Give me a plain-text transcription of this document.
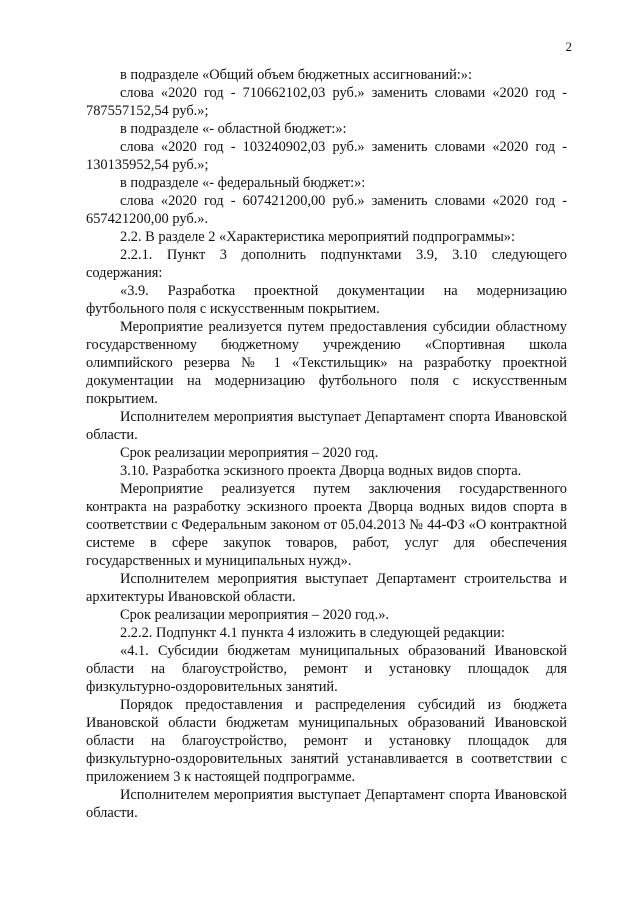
2

в подразделе «Общий объем бюджетных ассигнований:»:

слова «2020 год - 710662102,03 руб.» заменить словами «2020 год - 787557152,54 руб.»;

в подразделе «- областной бюджет:»:

слова «2020 год - 103240902,03 руб.» заменить словами «2020 год - 130135952,54 руб.»;

в подразделе «- федеральный бюджет:»:

слова «2020 год - 607421200,00 руб.» заменить словами «2020 год - 657421200,00 руб.».

2.2. В разделе 2 «Характеристика мероприятий подпрограммы»:

2.2.1. Пункт 3 дополнить подпунктами 3.9, 3.10 следующего содержания:

«3.9. Разработка проектной документации на модернизацию футбольного поля с искусственным покрытием.

Мероприятие реализуется путем предоставления субсидии областному государственному бюджетному учреждению «Спортивная школа олимпийского резерва № 1 «Текстильщик» на разработку проектной документации на модернизацию футбольного поля с искусственным покрытием.

Исполнителем мероприятия выступает Департамент спорта Ивановской области.

Срок реализации мероприятия – 2020 год.

3.10. Разработка эскизного проекта Дворца водных видов спорта.

Мероприятие реализуется путем заключения государственного контракта на разработку эскизного проекта Дворца водных видов спорта в соответствии с Федеральным законом от 05.04.2013 № 44-ФЗ «О контрактной системе в сфере закупок товаров, работ, услуг для обеспечения государственных и муниципальных нужд».

Исполнителем мероприятия выступает Департамент строительства и архитектуры Ивановской области.

Срок реализации мероприятия – 2020 год.».

2.2.2. Подпункт 4.1 пункта 4 изложить в следующей редакции:

«4.1. Субсидии бюджетам муниципальных образований Ивановской области на благоустройство, ремонт и установку площадок для физкультурно-оздоровительных занятий.

Порядок предоставления и распределения субсидий из бюджета Ивановской области бюджетам муниципальных образований Ивановской области на благоустройство, ремонт и установку площадок для физкультурно-оздоровительных занятий устанавливается в соответствии с приложением 3 к настоящей подпрограмме.

Исполнителем мероприятия выступает Департамент спорта Ивановской области.
